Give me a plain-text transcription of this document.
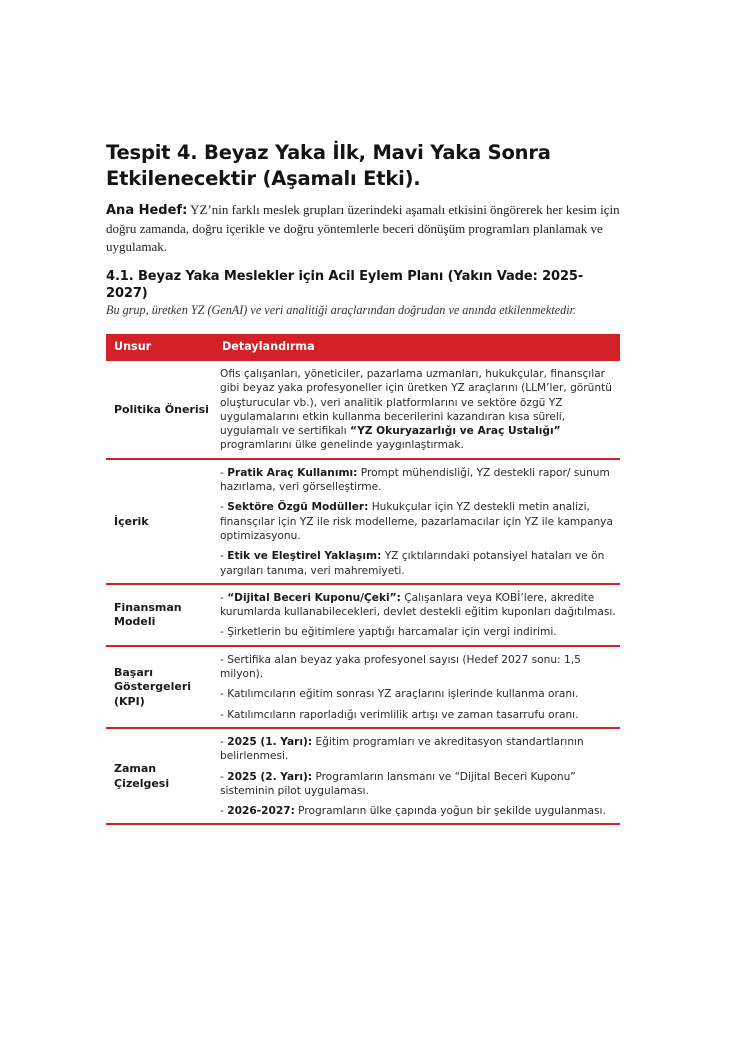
Tespit 4. Beyaz Yaka İlk, Mavi Yaka Sonra Etkilenecektir (Aşamalı Etki).

Ana Hedef: YZ’nin farklı meslek grupları üzerindeki aşamalı etkisini öngörerek her kesim için doğru zamanda, doğru içerikle ve doğru yöntemlerle beceri dönüşüm programları planlamak ve uygulamak.

4.1. Beyaz Yaka Meslekler için Acil Eylem Planı (Yakın Vade: 2025-2027)

Bu grup, üretken YZ (GenAI) ve veri analitiği araçlarından doğrudan ve anında etkilenmektedir.

Unsur	Detaylandırma
Politika Önerisi	Ofis çalışanları, yöneticiler, pazarlama uzmanları, hukukçular, finansçılar gibi beyaz yaka profesyoneller için üretken YZ araçlarını (LLM’ler, görüntü oluşturucular vb.), veri analitik platformlarını ve sektöre özgü YZ uygulamalarını etkin kullanma becerilerini kazandıran kısa süreli, uygulamalı ve sertifikalı “YZ Okuryazarlığı ve Araç Ustalığı” programlarını ülke genelinde yaygınlaştırmak.

İçerik	- Pratik Araç Kullanımı: Prompt mühendisliği, YZ destekli rapor/ sunum hazırlama, veri görselleştirme.
- Sektöre Özgü Modüller: Hukukçular için YZ destekli metin analizi, finansçılar için YZ ile risk modelleme, pazarlamacılar için YZ ile kampanya optimizasyonu.
- Etik ve Eleştirel Yaklaşım: YZ çıktılarındaki potansiyel hataları ve ön yargıları tanıma, veri mahremiyeti.

Finansman Modeli	- “Dijital Beceri Kuponu/Çeki”: Çalışanlara veya KOBİ’lere, akredite kurumlarda kullanabilecekleri, devlet destekli eğitim kuponları dağıtılması.
- Şirketlerin bu eğitimlere yaptığı harcamalar için vergi indirimi.

Başarı Göstergeleri (KPI)	- Sertifika alan beyaz yaka profesyonel sayısı (Hedef 2027 sonu: 1,5 milyon).
- Katılımcıların eğitim sonrası YZ araçlarını işlerinde kullanma oranı.
- Katılımcıların raporladığı verimlilik artışı ve zaman tasarrufu oranı.

Zaman Çizelgesi	- 2025 (1. Yarı): Eğitim programları ve akreditasyon standartlarının belirlenmesi.
- 2025 (2. Yarı): Programların lansmanı ve “Dijital Beceri Kuponu” sisteminin pilot uygulaması.
- 2026-2027: Programların ülke çapında yoğun bir şekilde uygulanması.
